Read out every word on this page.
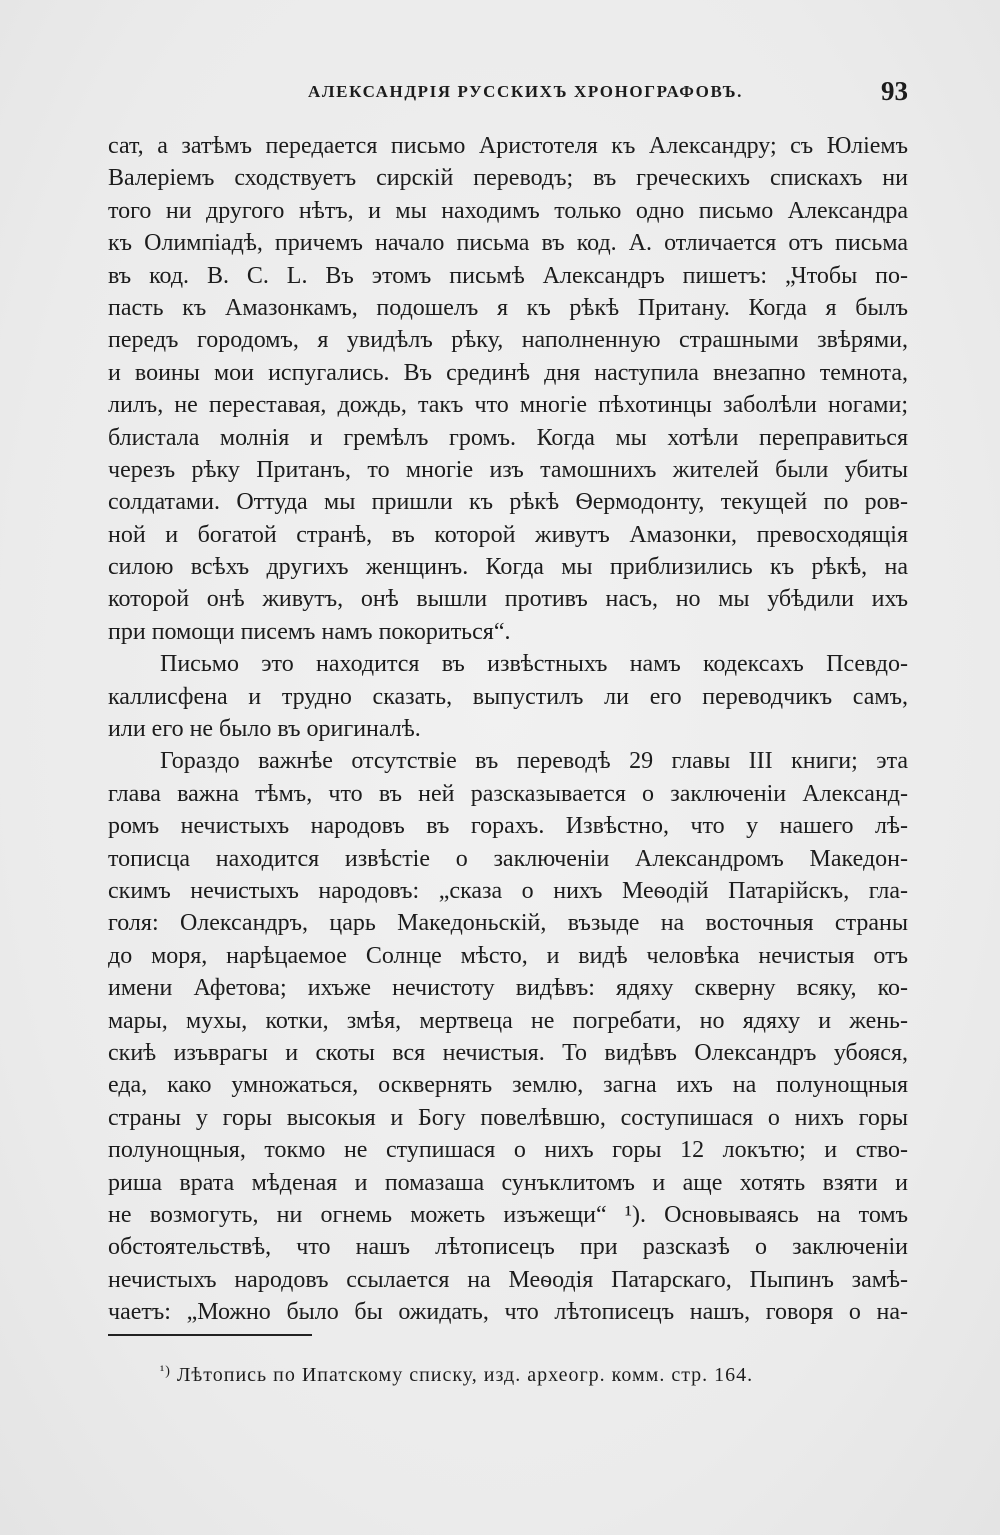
АЛЕКСАНДРІЯ РУССКИХЪ ХРОНОГРАФОВЪ.	93
сат, а затѣмъ передается письмо Аристотеля къ Александру; съ Юліемъ
Валеріемъ сходствуетъ сирскій переводъ; въ греческихъ спискахъ ни
того ни другого нѣтъ, и мы находимъ только одно письмо Александра
къ Олимпіадѣ, причемъ начало письма въ код. А. отличается отъ письма
въ код. В. С. L. Въ этомъ письмѣ Александръ пишетъ: „Чтобы по-
пасть къ Амазонкамъ, подошелъ я къ рѣкѣ Притану. Когда я былъ
передъ городомъ, я увидѣлъ рѣку, наполненную страшными звѣрями,
и воины мои испугались. Въ срединѣ дня наступила внезапно темнота,
лилъ, не переставая, дождь, такъ что многіе пѣхотинцы заболѣли ногами;
блистала молнія и гремѣлъ громъ. Когда мы хотѣли переправиться
черезъ рѣку Пританъ, то многіе изъ тамошнихъ жителей были убиты
солдатами. Оттуда мы пришли къ рѣкѣ Ѳермодонту, текущей по ров-
ной и богатой странѣ, въ которой живутъ Амазонки, превосходящія
силою всѣхъ другихъ женщинъ. Когда мы приблизились къ рѣкѣ, на
которой онѣ живутъ, онѣ вышли противъ насъ, но мы убѣдили ихъ
при помощи писемъ намъ покориться“.
Письмо это находится въ извѣстныхъ намъ кодексахъ Псевдо-
каллисфена и трудно сказать, выпустилъ ли его переводчикъ самъ,
или его не было въ оригиналѣ.
Гораздо важнѣе отсутствіе въ переводѣ 29 главы III книги; эта
глава важна тѣмъ, что въ ней разсказывается о заключеніи Александ-
ромъ нечистыхъ народовъ въ горахъ. Извѣстно, что у нашего лѣ-
тописца находится извѣстіе о заключеніи Александромъ Македон-
скимъ нечистыхъ народовъ: „сказа о нихъ Меѳодій Патарійскъ, гла-
голя: Олександръ, царь Македоньскій, възыде на восточныя страны
до моря, нарѣцаемое Солнце мѣсто, и видѣ человѣка нечистыя отъ
имени Афетова; ихъже нечистоту видѣвъ: ядяху скверну всяку, ко-
мары, мухы, котки, змѣя, мертвеца не погребати, но ядяху и жень-
скиѣ изъврагы и скоты вся нечистыя. То видѣвъ Олександръ убояся,
еда, како умножаться, осквернять землю, загна ихъ на полунощныя
страны у горы высокыя и Богу повелѣвшю, соступишася о нихъ горы
полунощныя, токмо не ступишася о нихъ горы 12 локътю; и ство-
риша врата мѣденая и помазаша сунъклитомъ и аще хотять взяти и
не возмогуть, ни огнемь можеть изъжещи“ ¹). Основываясь на томъ
обстоятельствѣ, что нашъ лѣтописецъ при разсказѣ о заключеніи
нечистыхъ народовъ ссылается на Меѳодія Патарскаго, Пыпинъ замѣ-
чаетъ: „Можно было бы ожидать, что лѣтописецъ нашъ, говоря о на-
$^{^1)}$ Лѣтопись по Ипатскому списку, изд. археогр. комм. стр. 164.
